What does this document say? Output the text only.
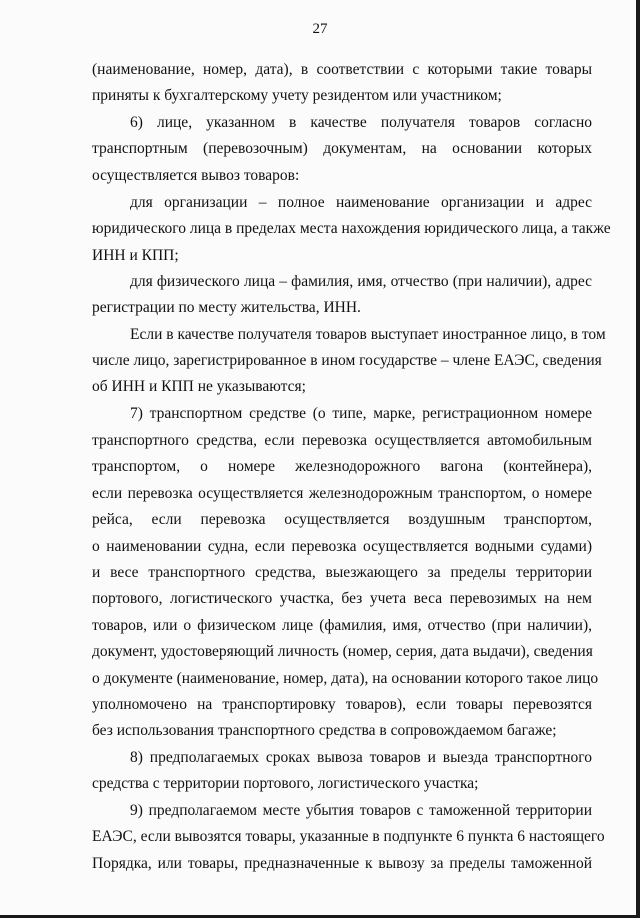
27
(наименование, номер, дата), в соответствии с которыми такие товары
приняты к бухгалтерскому учету резидентом или участником;
6) лице, указанном в качестве получателя товаров согласно
транспортным (перевозочным) документам, на основании которых
осуществляется вывоз товаров:
для организации – полное наименование организации и адрес
юридического лица в пределах места нахождения юридического лица, а также
ИНН и КПП;
для физического лица – фамилия, имя, отчество (при наличии), адрес
регистрации по месту жительства, ИНН.
Если в качестве получателя товаров выступает иностранное лицо, в том
числе лицо, зарегистрированное в ином государстве – члене ЕАЭС, сведения
об ИНН и КПП не указываются;
7) транспортном средстве (о типе, марке, регистрационном номере
транспортного средства, если перевозка осуществляется автомобильным
транспортом, о номере железнодорожного вагона (контейнера),
если перевозка осуществляется железнодорожным транспортом, о номере
рейса, если перевозка осуществляется воздушным транспортом,
о наименовании судна, если перевозка осуществляется водными судами)
и весе транспортного средства, выезжающего за пределы территории
портового, логистического участка, без учета веса перевозимых на нем
товаров, или о физическом лице (фамилия, имя, отчество (при наличии),
документ, удостоверяющий личность (номер, серия, дата выдачи), сведения
о документе (наименование, номер, дата), на основании которого такое лицо
уполномочено на транспортировку товаров), если товары перевозятся
без использования транспортного средства в сопровождаемом багаже;
8) предполагаемых сроках вывоза товаров и выезда транспортного
средства с территории портового, логистического участка;
9) предполагаемом месте убытия товаров с таможенной территории
ЕАЭС, если вывозятся товары, указанные в подпункте 6 пункта 6 настоящего
Порядка, или товары, предназначенные к вывозу за пределы таможенной
